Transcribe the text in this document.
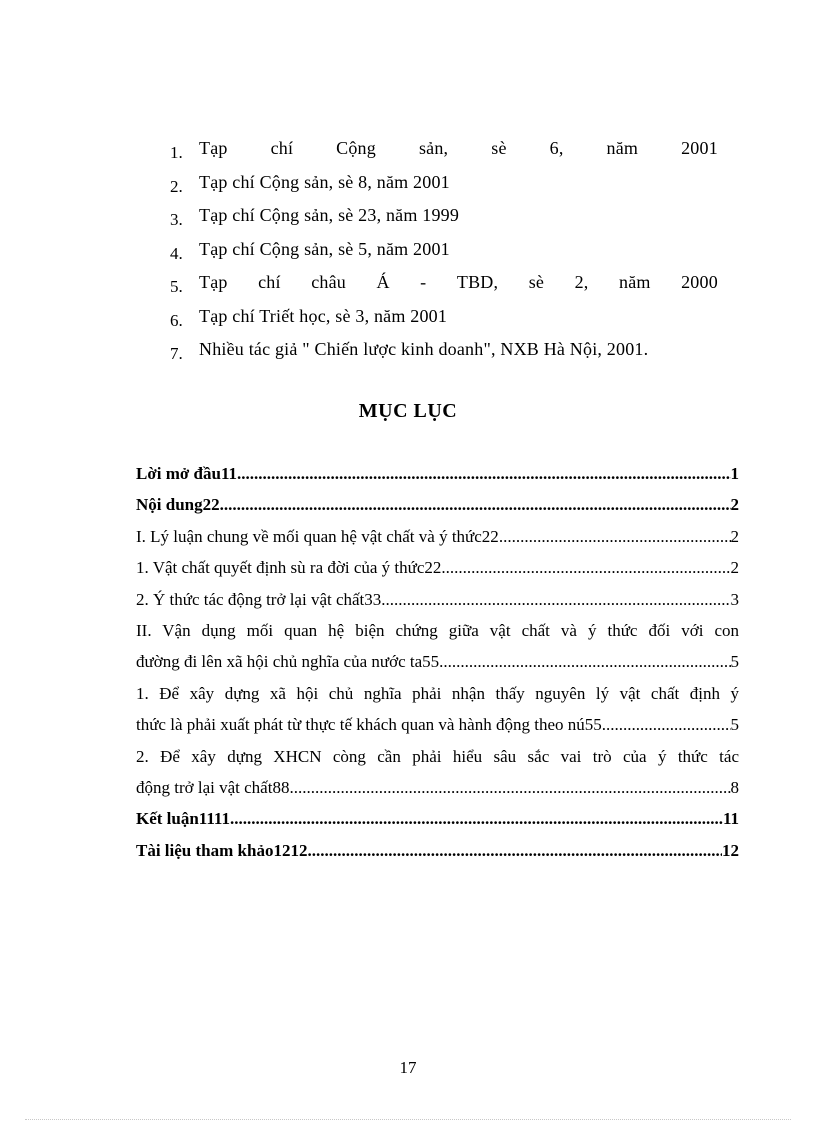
1. Tạp chí Cộng sản, sè 6, năm 2001
2. Tạp chí Cộng sản, sè 8, năm 2001
3. Tạp chí Cộng sản, sè 23, năm 1999
4. Tạp chí Cộng sản, sè 5, năm 2001
5. Tạp chí châu Á - TBD, sè 2, năm 2000
6. Tạp chí Triết học, sè 3, năm 2001
7. Nhiều tác giả " Chiến lược kinh doanh", NXB Hà Nội, 2001.
MỤC LỤC
Lời mở đầu11 .....	1
Nội dung22 .....	2
I. Lý luận chung về mối quan hệ vật chất và ý thức22 .....	2
1. Vật chất quyết định sù ra đời của ý thức22 .....	2
2. Ý thức tác động trở lại vật chất33 .....	3
II. Vận dụng mối quan hệ biện chứng giữa vật chất và ý thức đối với con
đường đi lên xã hội chủ nghĩa của nước ta55 .....	5
1. Để xây dựng xã hội chủ nghĩa phải nhận thấy nguyên lý vật chất định ý
thức là phải xuất phát từ thực tế khách quan và hành động theo nú55 .....	5
2. Để xây dựng XHCN còng cần phải hiểu sâu sắc vai trò của ý thức tác
động trở lại vật chất88 .....	8
Kết luận1111 .....	11
Tài liệu tham khảo1212 .....	12
17
